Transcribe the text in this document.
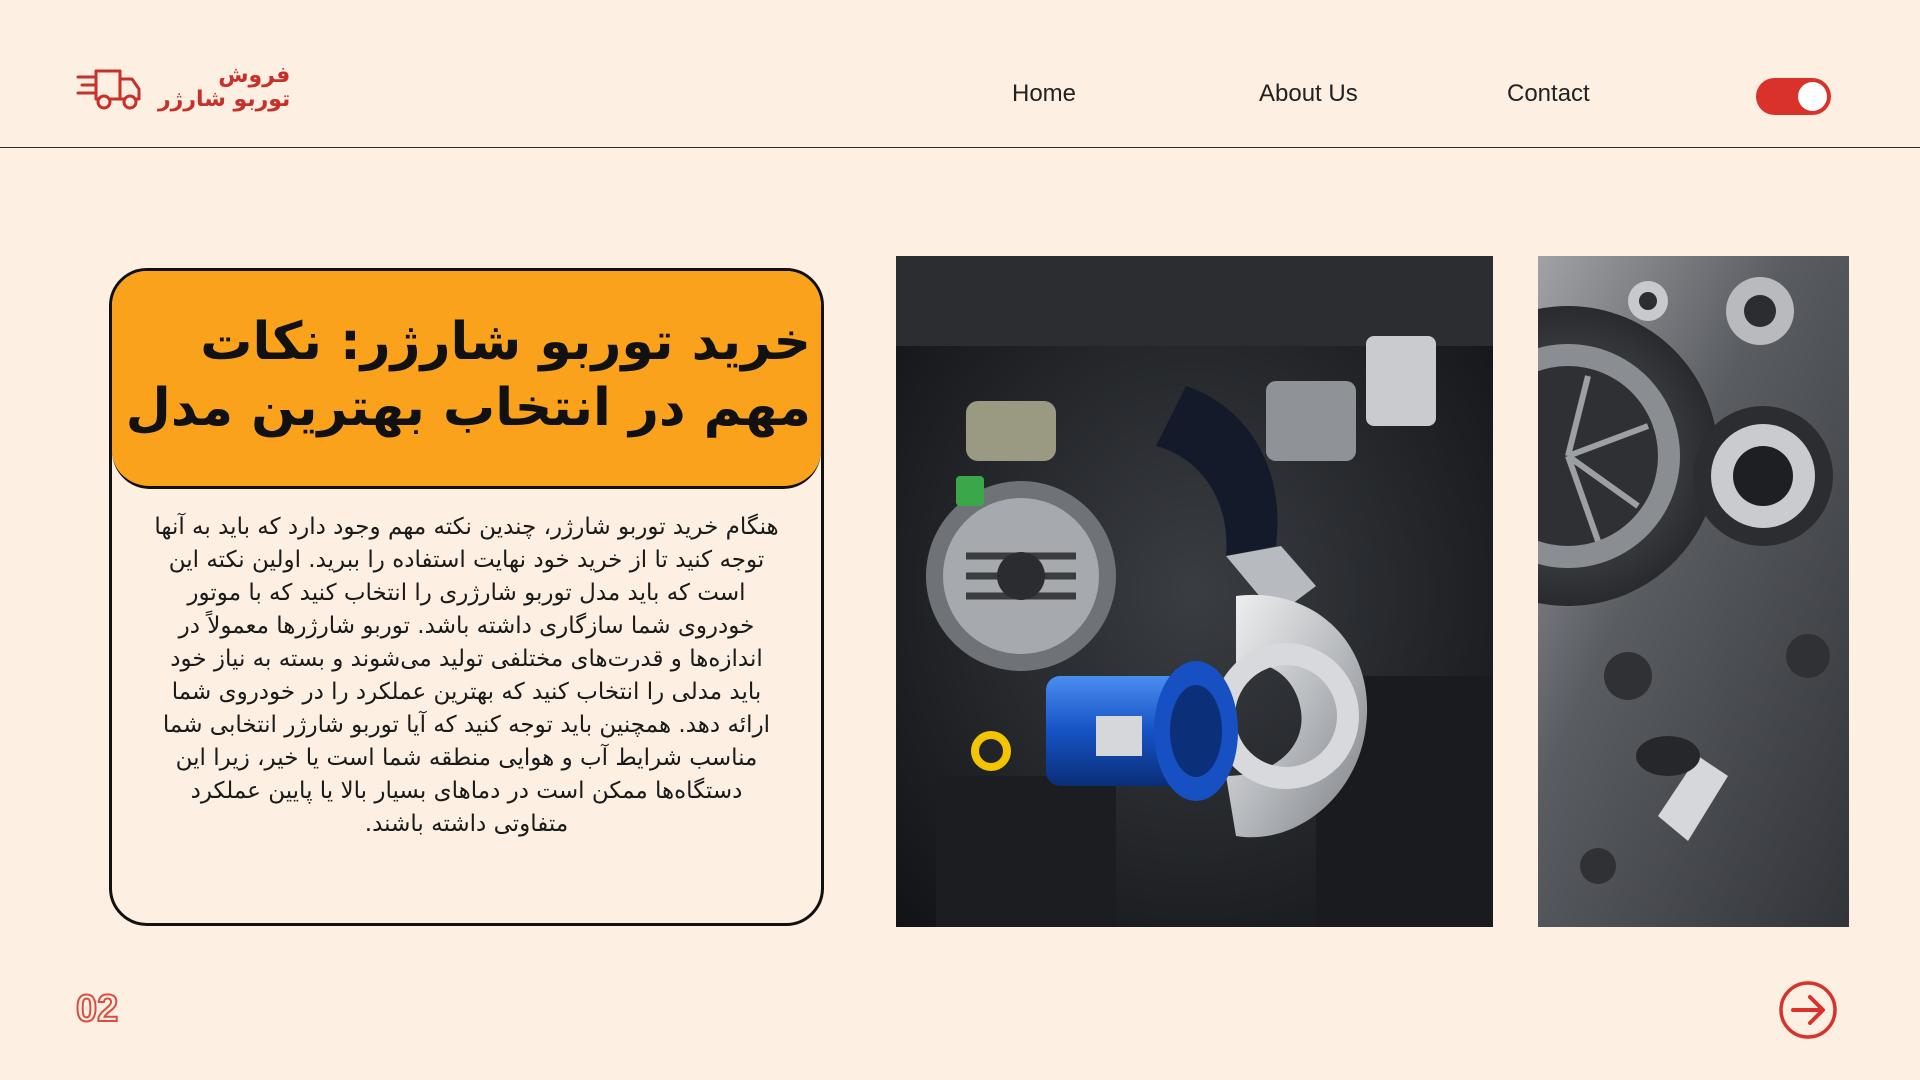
فروش
توربو شارژر	Home	About Us	Contact
خرید توربو شارژر: نکات مهم در انتخاب بهترین مدل

هنگام خرید توربو شارژر، چندین نکته مهم وجود دارد که باید به آنها توجه کنید تا از خرید خود نهایت استفاده را ببرید. اولین نکته این است که باید مدل توربو شارژری را انتخاب کنید که با موتور خودروی شما سازگاری داشته باشد. توربو شارژرها معمولاً در اندازه‌ها و قدرت‌های مختلفی تولید می‌شوند و بسته به نیاز خود باید مدلی را انتخاب کنید که بهترین عملکرد را در خودروی شما ارائه دهد. همچنین باید توجه کنید که آیا توربو شارژر انتخابی شما مناسب شرایط آب و هوایی منطقه شما است یا خیر، زیرا این دستگاه‌ها ممکن است در دماهای بسیار بالا یا پایین عملکرد متفاوتی داشته باشند.

02
